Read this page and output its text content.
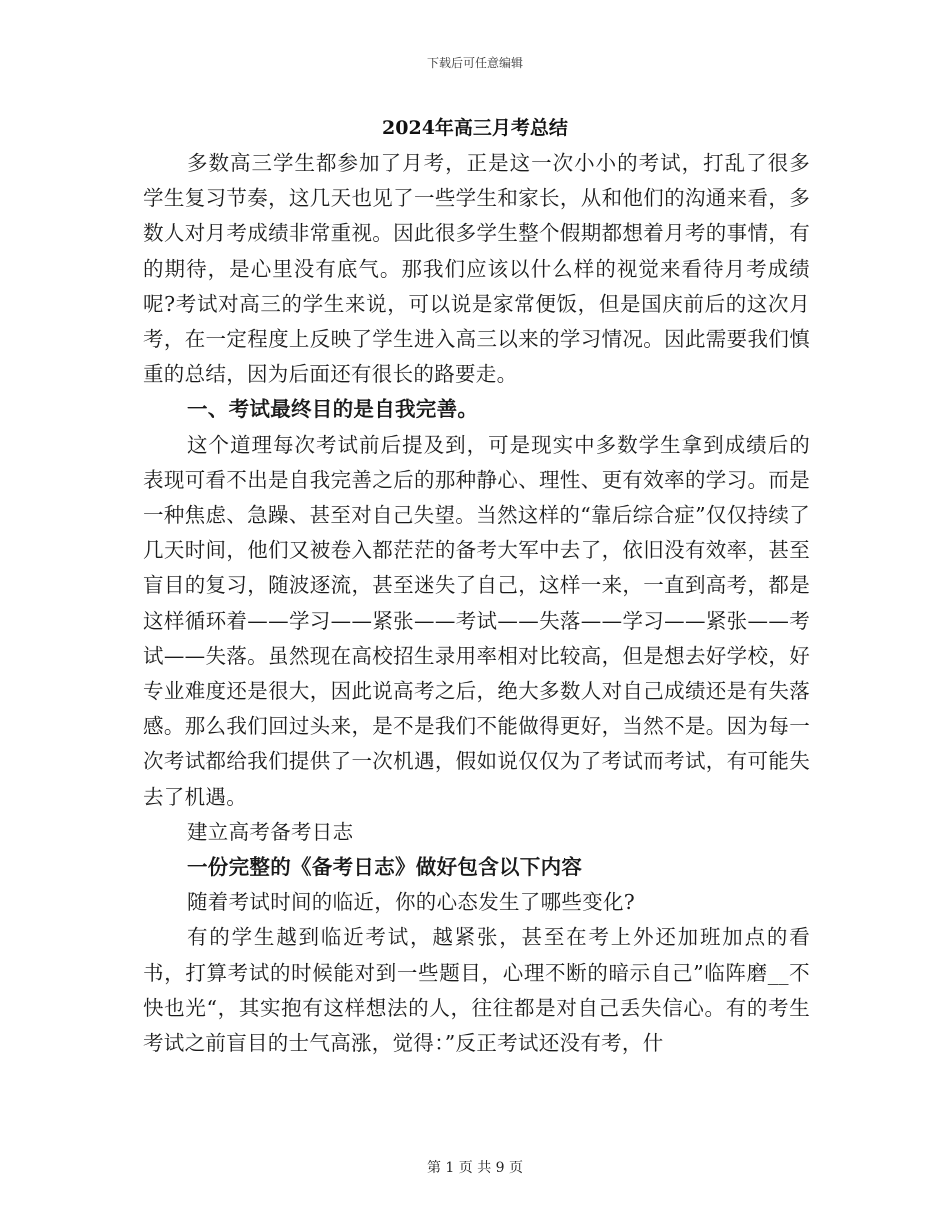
下载后可任意编辑
2024年高三月考总结

多数高三学生都参加了月考，正是这一次小小的考试，打乱了很多学生复习节奏，这几天也见了一些学生和家长，从和他们的沟通来看，多数人对月考成绩非常重视。因此很多学生整个假期都想着月考的事情，有的期待，是心里没有底气。那我们应该以什么样的视觉来看待月考成绩呢?考试对高三的学生来说，可以说是家常便饭，但是国庆前后的这次月考，在一定程度上反映了学生进入高三以来的学习情况。因此需要我们慎重的总结，因为后面还有很长的路要走。

一、考试最终目的是自我完善。

这个道理每次考试前后提及到，可是现实中多数学生拿到成绩后的表现可看不出是自我完善之后的那种静心、理性、更有效率的学习。而是一种焦虑、急躁、甚至对自己失望。当然这样的“靠后综合症”仅仅持续了几天时间，他们又被卷入都茫茫的备考大军中去了，依旧没有效率，甚至盲目的复习，随波逐流，甚至迷失了自己，这样一来，一直到高考，都是这样循环着——学习——紧张——考试——失落——学习——紧张——考试——失落。虽然现在高校招生录用率相对比较高，但是想去好学校，好专业难度还是很大，因此说高考之后，绝大多数人对自己成绩还是有失落感。那么我们回过头来，是不是我们不能做得更好，当然不是。因为每一次考试都给我们提供了一次机遇，假如说仅仅为了考试而考试，有可能失去了机遇。

建立高考备考日志

一份完整的《备考日志》做好包含以下内容

随着考试时间的临近，你的心态发生了哪些变化?

有的学生越到临近考试，越紧张，甚至在考上外还加班加点的看书，打算考试的时候能对到一些题目，心理不断的暗示自己”临阵磨__不快也光“，其实抱有这样想法的人，往往都是对自己丢失信心。有的考生考试之前盲目的士气高涨，觉得：”反正考试还没有考，什

第 1 页 共 9 页
